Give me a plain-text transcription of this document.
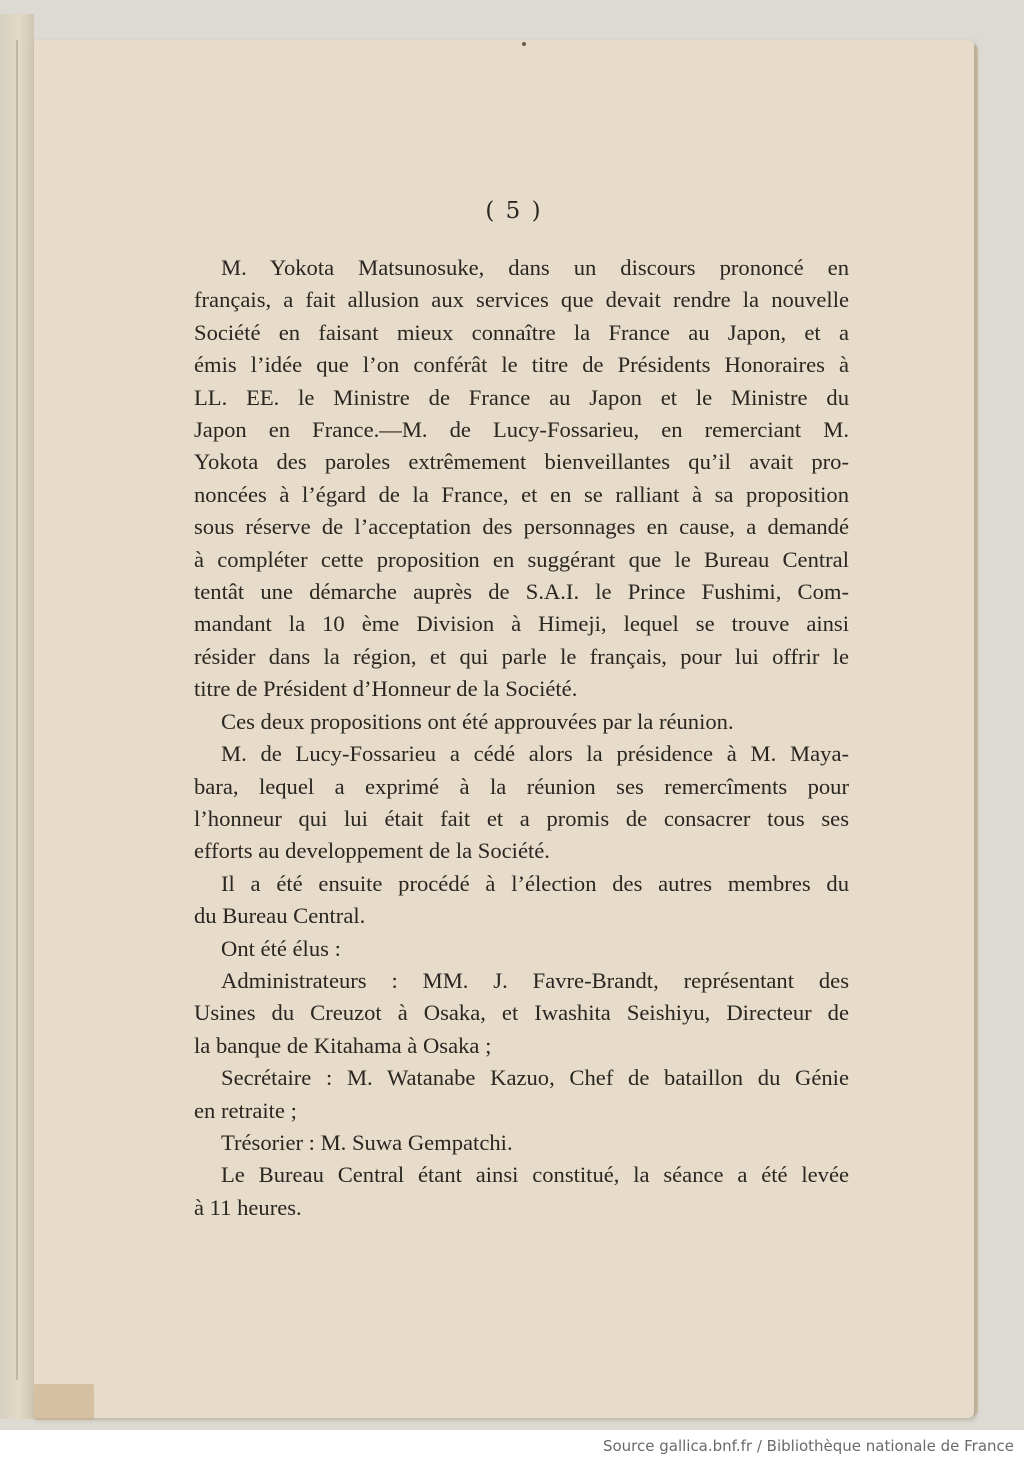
( 5 )
M. Yokota Matsunosuke, dans un discours prononcé en
français, a fait allusion aux services que devait rendre la nouvelle
Société en faisant mieux connaître la France au Japon, et a
émis l’idée que l’on conférât le titre de Présidents Honoraires à
LL. EE. le Ministre de France au Japon et le Ministre du
Japon en France.—M. de Lucy-Fossarieu, en remerciant M.
Yokota des paroles extrêmement bienveillantes qu’il avait pro-
noncées à l’égard de la France, et en se ralliant à sa proposition
sous réserve de l’acceptation des personnages en cause, a demandé
à compléter cette proposition en suggérant que le Bureau Central
tentât une démarche auprès de S.A.I. le Prince Fushimi, Com-
mandant la 10 ème Division à Himeji, lequel se trouve ainsi
résider dans la région, et qui parle le français, pour lui offrir le
titre de Président d’Honneur de la Société.
Ces deux propositions ont été approuvées par la réunion.
M. de Lucy-Fossarieu a cédé alors la présidence à M. Maya-
bara, lequel a exprimé à la réunion ses remercîments pour
l’honneur qui lui était fait et a promis de consacrer tous ses
efforts au developpement de la Société.
Il a été ensuite procédé à l’élection des autres membres du
du Bureau Central.
Ont été élus :
Administrateurs : MM. J. Favre-Brandt, représentant des
Usines du Creuzot à Osaka, et Iwashita Seishiyu, Directeur de
la banque de Kitahama à Osaka ;
Secrétaire : M. Watanabe Kazuo, Chef de bataillon du Génie
en retraite ;
Trésorier : M. Suwa Gempatchi.
Le Bureau Central étant ainsi constitué, la séance a été levée
à 11 heures.
Source gallica.bnf.fr / Bibliothèque nationale de France
